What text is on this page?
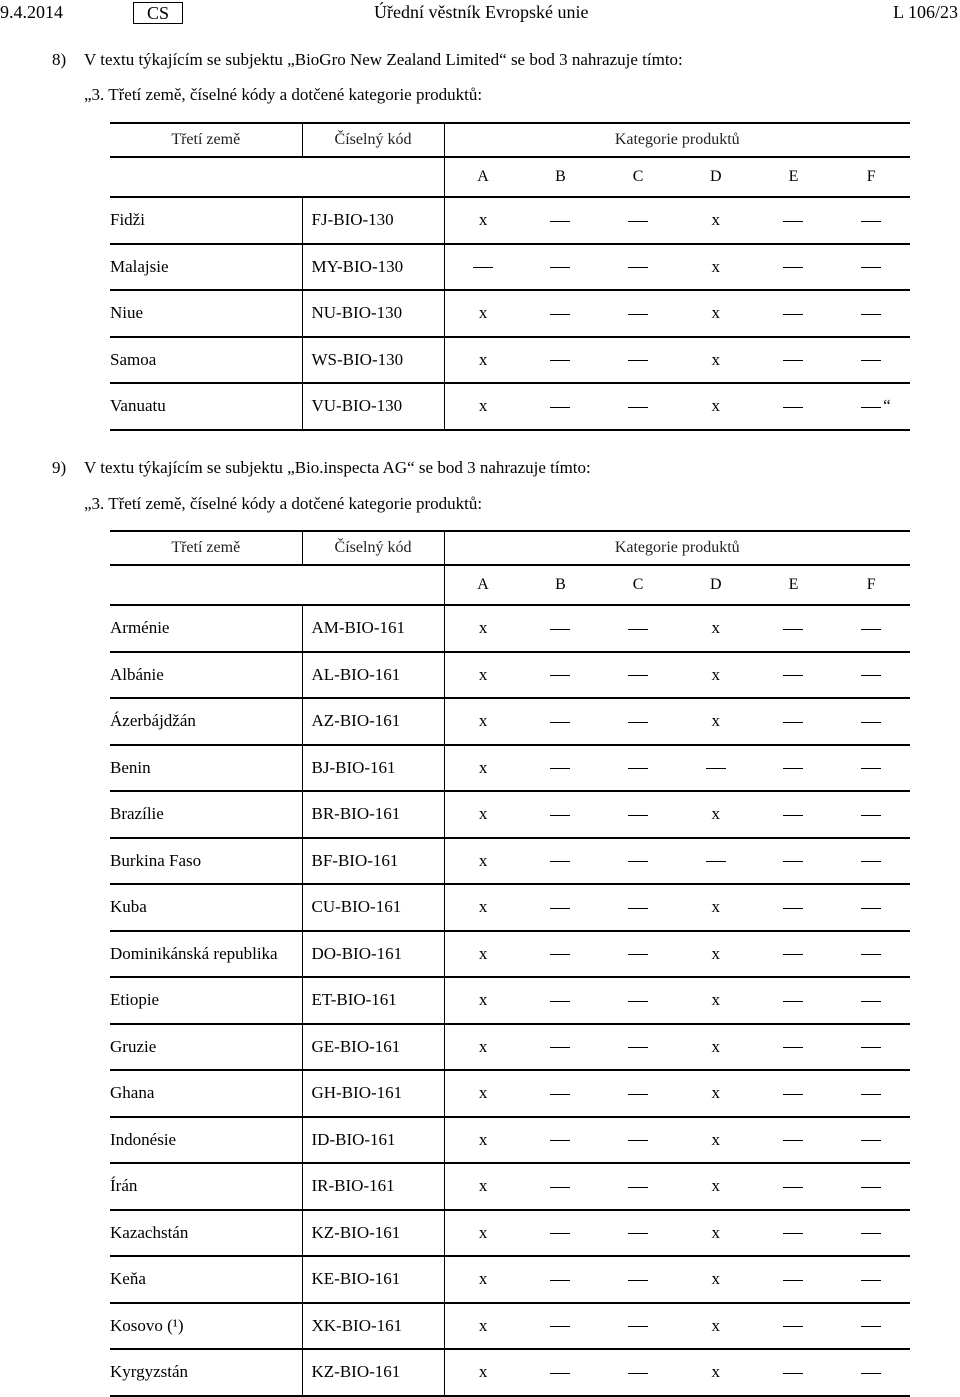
9.4.2014	CS	Úřední věstník Evropské unie	L 106/23
8) V textu týkajícím se subjektu „BioGro New Zealand Limited“ se bod 3 nahrazuje tímto:
„3. Třetí země, číselné kódy a dotčené kategorie produktů:
Třetí země	Číselný kód	Kategorie produktů					
		A	B	C	D	E	F
Fidži	FJ-BIO-130	x			x		
Malajsie	MY-BIO-130				x		
Niue	NU-BIO-130	x			x		
Samoa	WS-BIO-130	x			x		
Vanuatu	VU-BIO-130	x			x		“
9) V textu týkajícím se subjektu „Bio.inspecta AG“ se bod 3 nahrazuje tímto:
„3. Třetí země, číselné kódy a dotčené kategorie produktů:
Třetí země	Číselný kód	Kategorie produktů					
		A	B	C	D	E	F
Arménie	AM-BIO-161	x			x		
Albánie	AL-BIO-161	x			x		
Ázerbájdžán	AZ-BIO-161	x			x		
Benin	BJ-BIO-161	x					
Brazílie	BR-BIO-161	x			x		
Burkina Faso	BF-BIO-161	x					
Kuba	CU-BIO-161	x			x		
Dominikánská republika	DO-BIO-161	x			x		
Etiopie	ET-BIO-161	x			x		
Gruzie	GE-BIO-161	x			x		
Ghana	GH-BIO-161	x			x		
Indonésie	ID-BIO-161	x			x		
Írán	IR-BIO-161	x			x		
Kazachstán	KZ-BIO-161	x			x		
Keňa	KE-BIO-161	x			x		
Kosovo (¹)	XK-BIO-161	x			x		
Kyrgyzstán	KZ-BIO-161	x			x		
